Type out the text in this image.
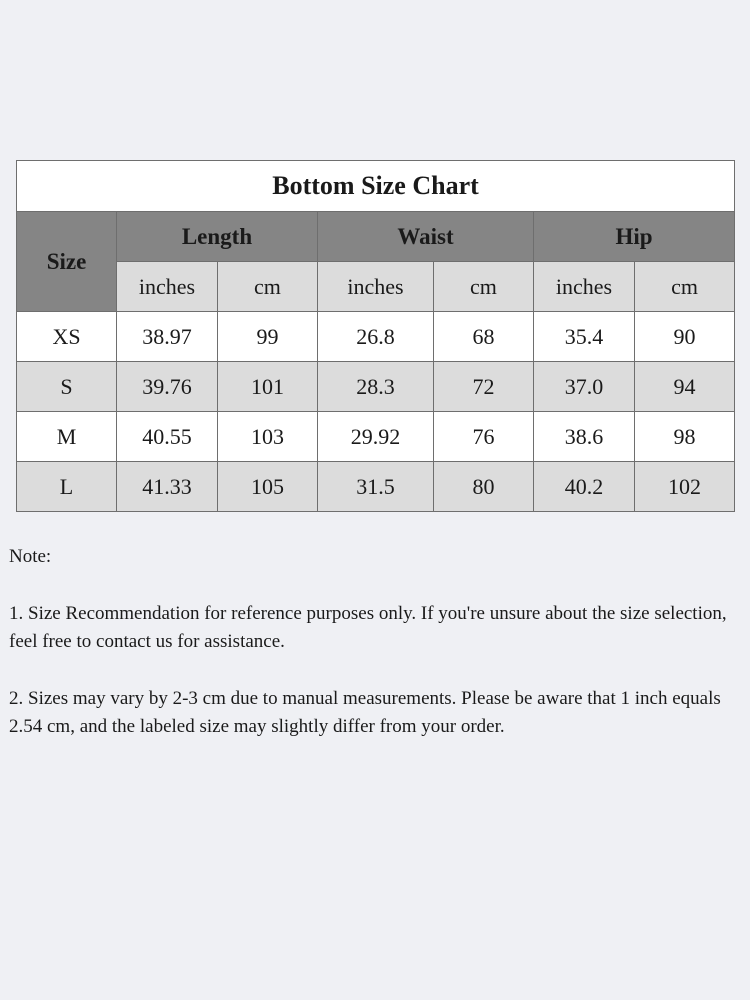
Bottom Size Chart						
Size	Length		Waist		Hip	
	inches	cm	inches	cm	inches	cm
XS	38.97	99	26.8	68	35.4	90
S	39.76	101	28.3	72	37.0	94
M	40.55	103	29.92	76	38.6	98
L	41.33	105	31.5	80	40.2	102

Note:

1. Size Recommendation for reference purposes only. If you're unsure about the size selection, feel free to contact us for assistance.

2. Sizes may vary by 2-3 cm due to manual measurements. Please be aware that 1 inch equals 2.54 cm, and the labeled size may slightly differ from your order.
